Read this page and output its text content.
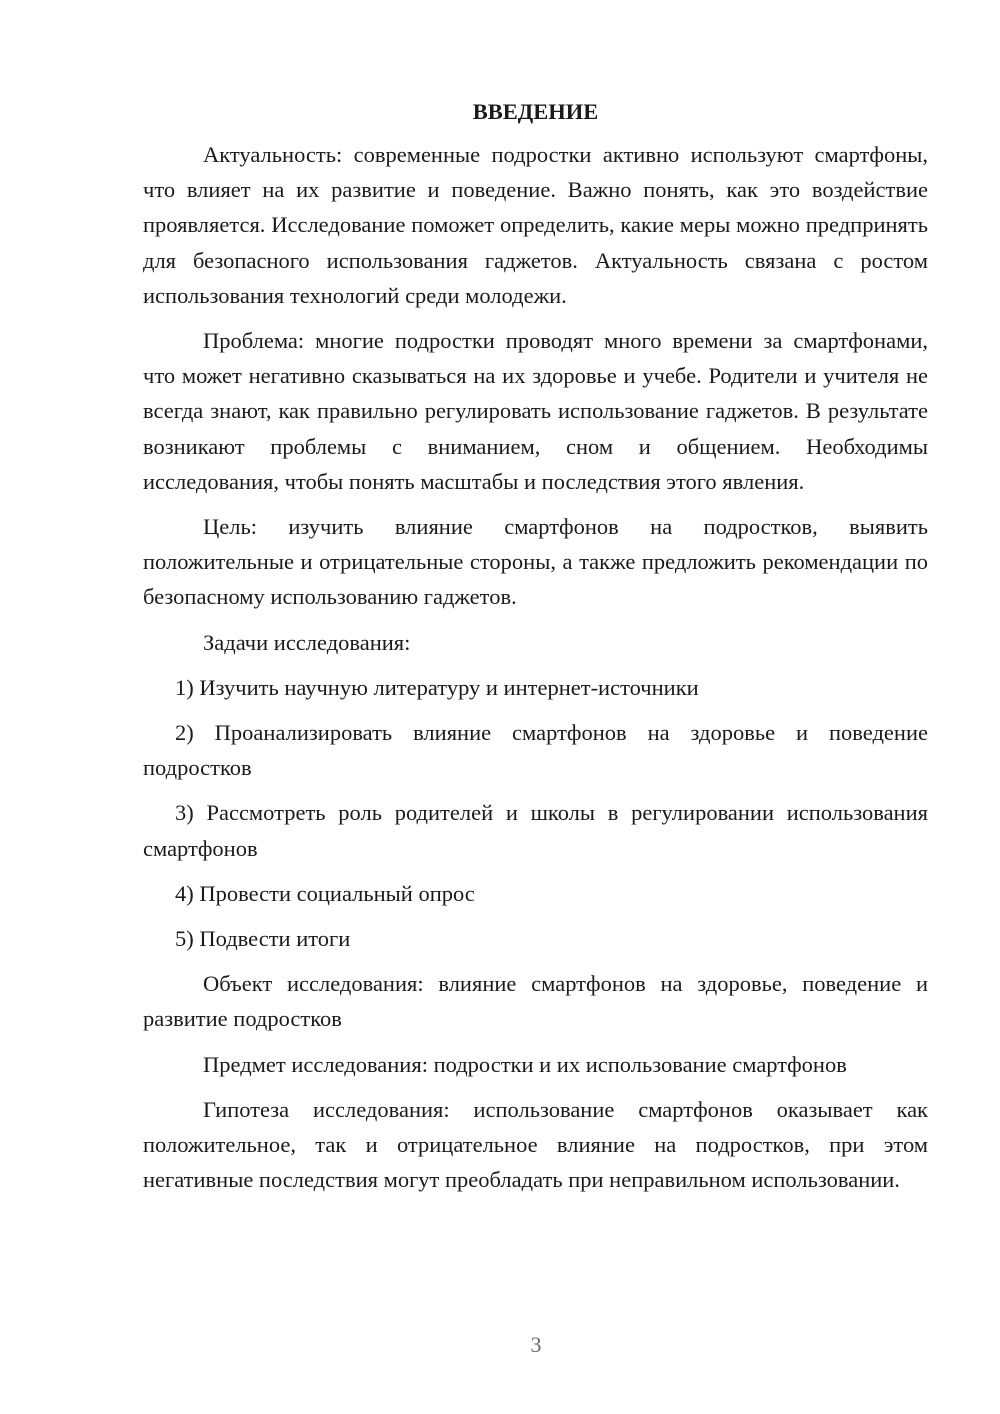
ВВЕДЕНИЕ

Актуальность: современные подростки активно используют смартфоны, что влияет на их развитие и поведение. Важно понять, как это воздействие проявляется. Исследование поможет определить, какие меры можно предпринять для безопасного использования гаджетов. Актуальность связана с ростом использования технологий среди молодежи.

Проблема: многие подростки проводят много времени за смартфонами, что может негативно сказываться на их здоровье и учебе. Родители и учителя не всегда знают, как правильно регулировать использование гаджетов. В результате возникают проблемы с вниманием, сном и общением. Необходимы исследования, чтобы понять масштабы и последствия этого явления.

Цель: изучить влияние смартфонов на подростков, выявить положительные и отрицательные стороны, а также предложить рекомендации по безопасному использованию гаджетов.

Задачи исследования:

1) Изучить научную литературу и интернет-источники

2) Проанализировать влияние смартфонов на здоровье и поведение подростков

3) Рассмотреть роль родителей и школы в регулировании использования смартфонов

4) Провести социальный опрос

5) Подвести итоги

Объект исследования: влияние смартфонов на здоровье, поведение и развитие подростков

Предмет исследования: подростки и их использование смартфонов

Гипотеза исследования: использование смартфонов оказывает как положительное, так и отрицательное влияние на подростков, при этом негативные последствия могут преобладать при неправильном использовании.

3
